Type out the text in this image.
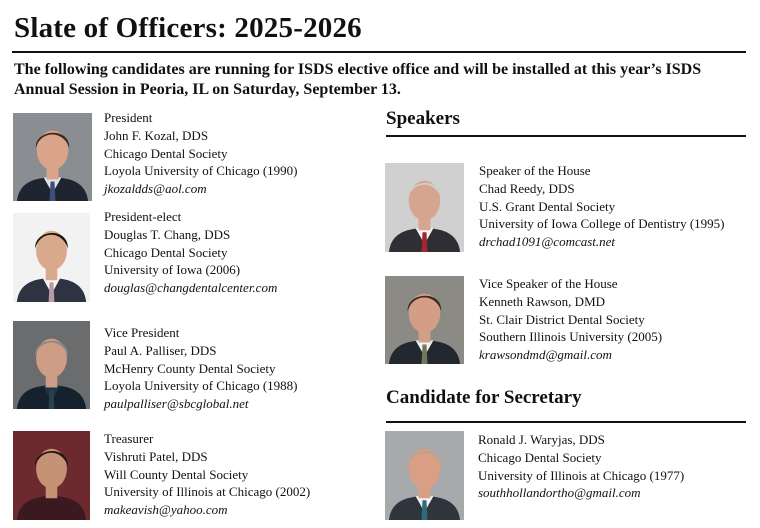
Slate of Officers: 2025-2026
The following candidates are running for ISDS elective office and will be installed at this year’s ISDS Annual Session in Peoria, IL on Saturday, September 13.
President
John F. Kozal, DDS
Chicago Dental Society
Loyola University of Chicago (1990)
jkozaldds@aol.com
President-elect
Douglas T. Chang, DDS
Chicago Dental Society
University of Iowa (2006)
douglas@changdentalcenter.com
Vice President
Paul A. Palliser, DDS
McHenry County Dental Society
Loyola University of Chicago (1988)
paulpalliser@sbcglobal.net
Treasurer
Vishruti Patel, DDS
Will County Dental Society
University of Illinois at Chicago (2002)
makeavish@yahoo.com
Speakers
Speaker of the House
Chad Reedy, DDS
U.S. Grant Dental Society
University of Iowa College of Dentistry (1995)
drchad1091@comcast.net
Vice Speaker of the House
Kenneth Rawson, DMD
St. Clair District Dental Society
Southern Illinois University (2005)
krawsondmd@gmail.com
Candidate for Secretary
Ronald J. Waryjas, DDS
Chicago Dental Society
University of Illinois at Chicago (1977)
southhollandortho@gmail.com
